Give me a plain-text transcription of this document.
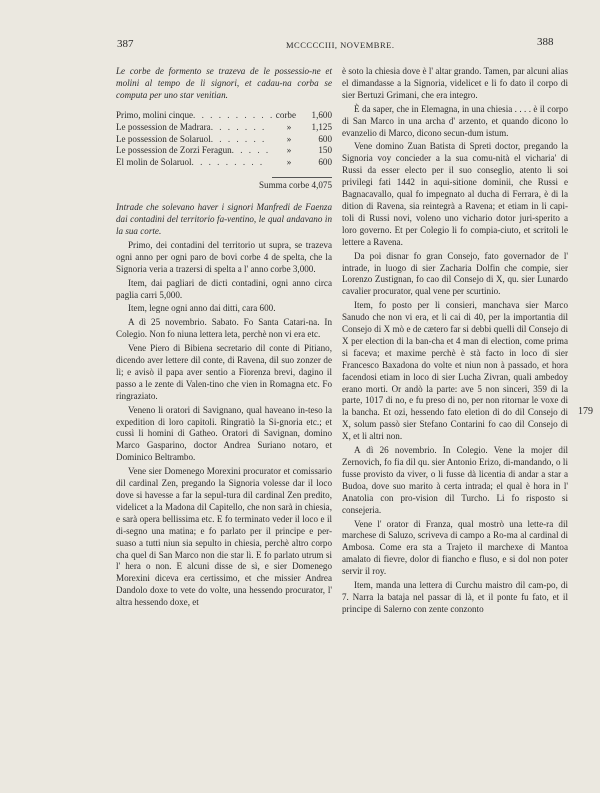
387	MCCCCCIII, NOVEMBRE.	388

Le corbe de formento se trazeva de le possessio-ne et molini al tempo de li signori, et cadau-na corba se computa per uno star venitian.

Primo, molini cinque . . . . . . . . . . corbe	1,600
Le possession de Madrara . . . . . . .	»	1,125
Le possession de Solaruol . . . . . . .	»	600
Le possession de Zorzi Feragun . . . . .	»	150
El molin de Solaruol . . . . . . . . .	»	600
Summa corbe 4,075

Intrade che solevano haver i signori Manfredi de Faenza dai contadini del territorio fa-ventino, le qual andavano in la sua corte.

Primo, dei contadini del territorio ut supra, se trazeva ogni anno per ogni paro de bovi corbe 4 de spelta, che la Signoria veria a trazersi di spelta a l' anno corbe 3,000.

Item, dai pagliari de dicti contadini, ogni anno circa paglia carri 5,000.

Item, legne ogni anno dai ditti, cara 600.

A dì 25 novembrio. Sabato. Fo Santa Catari-na. In Colegio. Non fo niuna lettera leta, perchè non vi era etc.

Vene Piero di Bibiena secretario dil conte di Pitiano, dicendo aver lettere dil conte, di Ravena, dil suo zonzer de lì; e avisò il papa aver sentio a Fiorenza brevi, dagino il passo a le zente di Valen-tino che vien in Romagna etc. Fo ringraziato.

Veneno li oratori di Savignano, qual haveano in-teso la expedition di loro capitoli. Ringratiò la Si-gnoria etc.; et cussì li homini di Gatheo. Oratori di Savignan, domino Marco Gasparino, doctor Andrea Suriano notaro, et Dominico Beltrambo.

Vene sier Domenego Morexini procurator et comissario dil cardinal Zen, pregando la Signoria volesse dar il loco dove si havesse a far la sepul-tura dil cardinal Zen predito, videlicet a la Madona dil Capitello, che non sarà in chiesia, e sarà opera bellissima etc. E fo terminato veder il loco e il di-segno una matina; e fo parlato per il principe e per-suaso a tutti niun sia sepulto in chiesia, perchè altro corpo cha quel di San Marco non die star lì. E fo parlato utrum si l' hera o non. E alcuni disse de sì, e sier Domenego Morexini diceva era certissimo, et che missier Andrea Dandolo doxe to vete do volte, una hessendo procurator, l' altra hessendo doxe, et

è soto la chiesia dove è l' altar grando. Tamen, par alcuni alias el dimandasse a la Signoria, videlicet e li fo dato il corpo di sier Bertuzi Grimani, che era integro.

È da saper, che in Elemagna, in una chiesia . . . . è il corpo di San Marco in una archa d' arzento, et quando dicono lo evanzelio di Marco, dicono secun-dum istum.

Vene domino Zuan Batista di Spreti doctor, pregando la Signoria voy concieder a la sua comu-nità el vicharia' di Russi da esser electo per il suo conseglio, atento li soi privilegi fati 1442 in aqui-sitione dominii, che Russi e Bagnacavallo, qual fo impegnato al ducha di Ferrara, è di la dition di Ravena, sia reintegrà a Ravena; et etiam in li capi-toli di Russi novi, voleno uno vichario dotor juri-sperito a loro governo. Et per Colegio li fo compia-ciuto, et scritoli le lettere a Ravena.

Da poi disnar fo gran Consejo, fato governador de l' intrade, in luogo di sier Zacharia Dolfin che compie, sier Lorenzo Zustignan, fo cao dil Consejo di X, qu. sier Lunardo cavalier procurator, qual vene per scurtinio.

Item, fo posto per li consieri, manchava sier Marco Sanudo che non vi era, et li cai di 40, per la importantia dil Consejo di X mò e de cætero far si debbi quelli dil Consejo di X per election di la ban-cha et 4 man di election, come prima si faceva; et maxime perchè è stà facto in loco di sier Francesco Baxadona do volte et niun non à passado, et hora facendosi etiam in loco di sier Lucha Zivran, quali ambedoy erano morti. Or andò la parte: ave 5 non sinceri, 359 di la parte, 1017 di no, e fu preso di no, per non ritornar le voxe di la bancha. Et ozi, hessendo fato eletion di do dil Consejo di X, solum passò sier Stefano Contarini fo cao dil Consejo di X, et li altri non.

A dì 26 novembrio. In Colegio. Vene la mojer dil Zernovich, fo fia dil qu. sier Antonio Erizo, di-mandando, o li fusse provisto da viver, o li fusse dà licentia di andar a star a Budoa, dove suo marito à certa intrada; el qual è hora in l' Anatolia con pro-vision dil Turcho. Li fo risposto si consejeria.

Vene l' orator di Franza, qual mostrò una lette-ra dil marchese di Saluzo, scriveva di campo a Ro-ma al cardinal di Ambosa. Come era sta a Trajeto il marchexe di Mantoa amalato di fievre, dolor di fiancho e fluso, e si dol non poter servir il roy.

Item, manda una lettera di Curchu maistro dil cam-po, di 7. Narra la bataja nel passar di là, et il ponte fu fato, et il principe di Salerno con zente conzonto

179
